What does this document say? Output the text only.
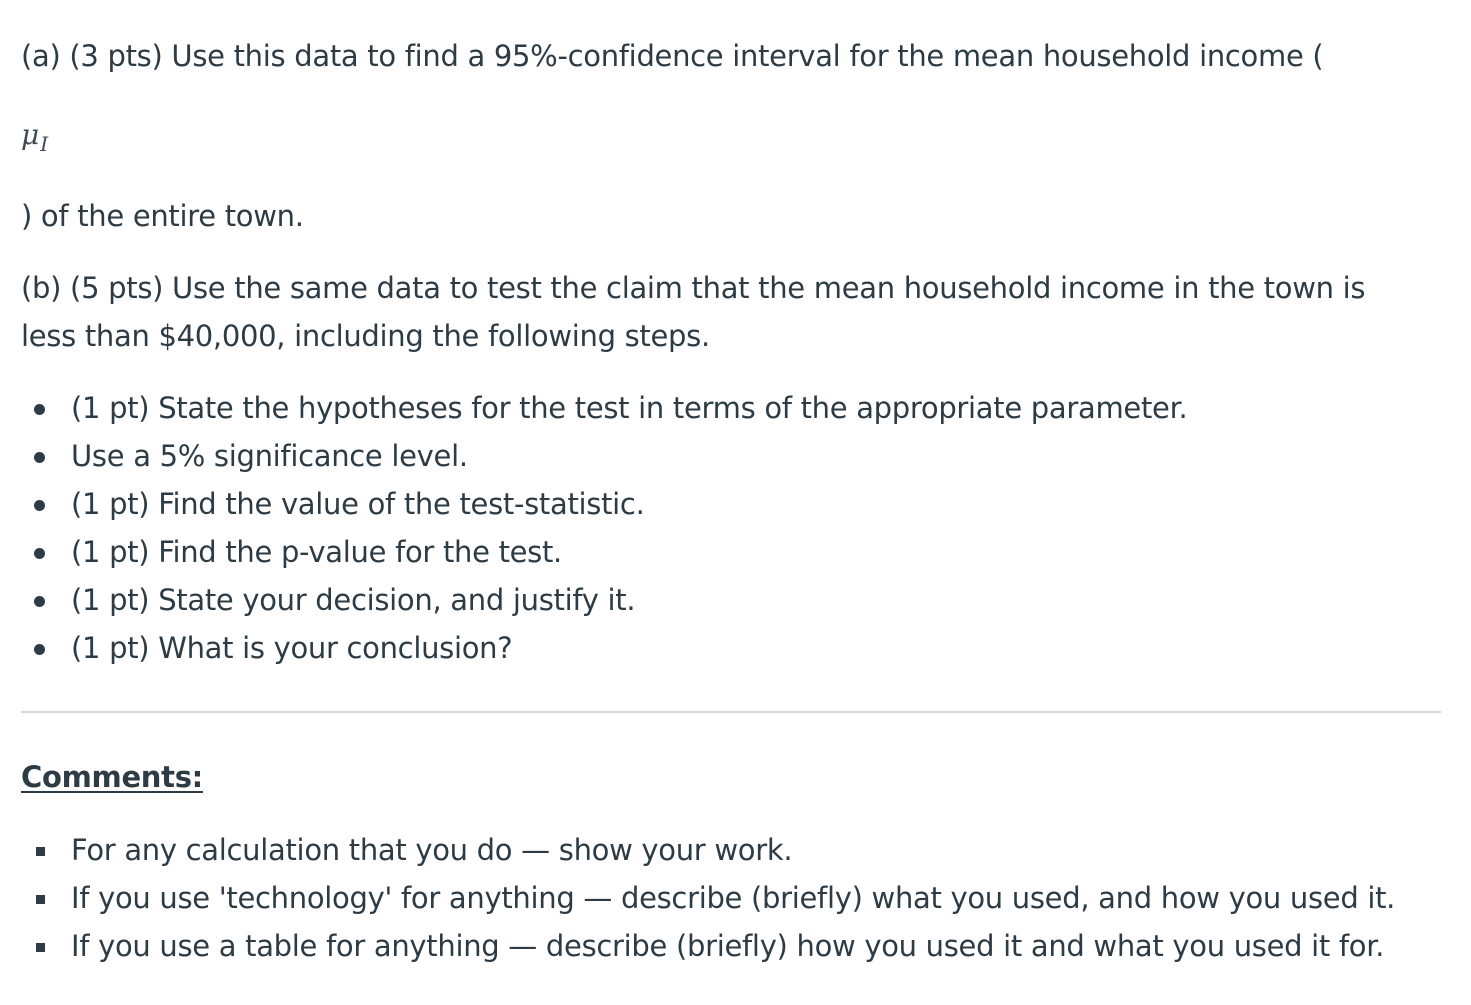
(a) (3 pts) Use this data to find a 95%-confidence interval for the mean household income (

$\mu_I$

) of the entire town.

(b) (5 pts) Use the same data to test the claim that the mean household income in the town is less than $40,000, including the following steps.

(1 pt) State the hypotheses for the test in terms of the appropriate parameter.
Use a 5% significance level.
(1 pt) Find the value of the test-statistic.
(1 pt) Find the p-value for the test.
(1 pt) State your decision, and justify it.
(1 pt) What is your conclusion?
Comments:
For any calculation that you do — show your work.
If you use 'technology' for anything — describe (briefly) what you used, and how you used it.
If you use a table for anything — describe (briefly) how you used it and what you used it for.
